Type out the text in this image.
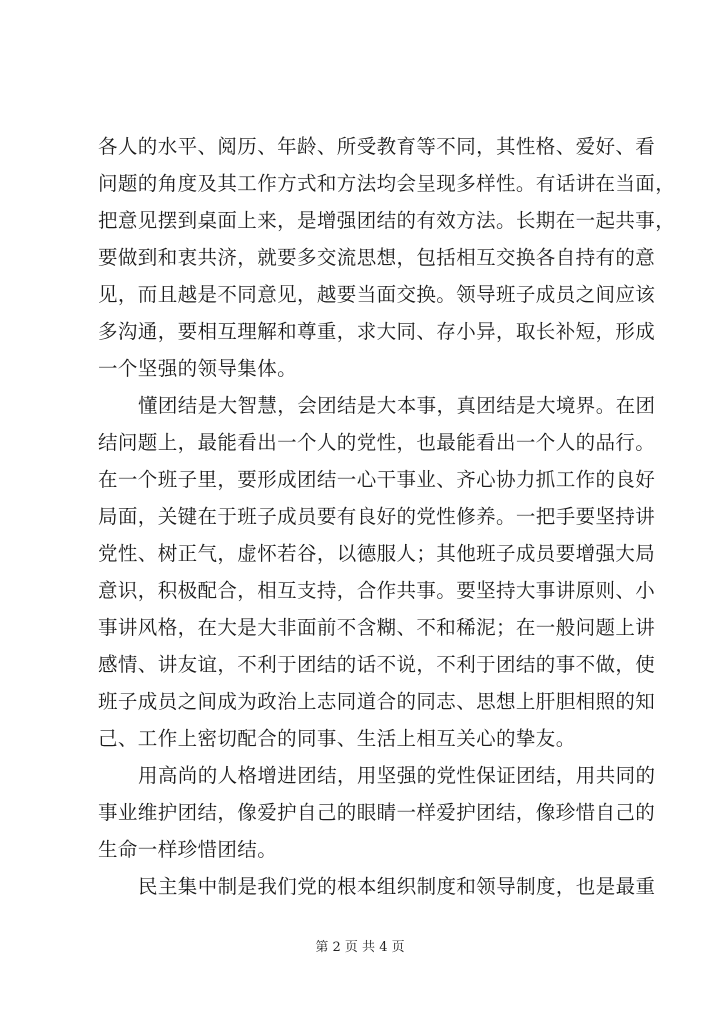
各人的水平、阅历、年龄、所受教育等不同，其性格、爱好、看
问题的角度及其工作方式和方法均会呈现多样性。有话讲在当面，
把意见摆到桌面上来，是增强团结的有效方法。长期在一起共事，
要做到和衷共济，就要多交流思想，包括相互交换各自持有的意
见，而且越是不同意见，越要当面交换。领导班子成员之间应该
多沟通，要相互理解和尊重，求大同、存小异，取长补短，形成
一个坚强的领导集体。
懂团结是大智慧，会团结是大本事，真团结是大境界。在团
结问题上，最能看出一个人的党性，也最能看出一个人的品行。
在一个班子里，要形成团结一心干事业、齐心协力抓工作的良好
局面，关键在于班子成员要有良好的党性修养。一把手要坚持讲
党性、树正气，虚怀若谷，以德服人；其他班子成员要增强大局
意识，积极配合，相互支持，合作共事。要坚持大事讲原则、小
事讲风格，在大是大非面前不含糊、不和稀泥；在一般问题上讲
感情、讲友谊，不利于团结的话不说，不利于团结的事不做，使
班子成员之间成为政治上志同道合的同志、思想上肝胆相照的知
己、工作上密切配合的同事、生活上相互关心的挚友。
用高尚的人格增进团结，用坚强的党性保证团结，用共同的
事业维护团结，像爱护自己的眼睛一样爱护团结，像珍惜自己的
生命一样珍惜团结。
民主集中制是我们党的根本组织制度和领导制度，也是最重
第 2 页 共 4 页
